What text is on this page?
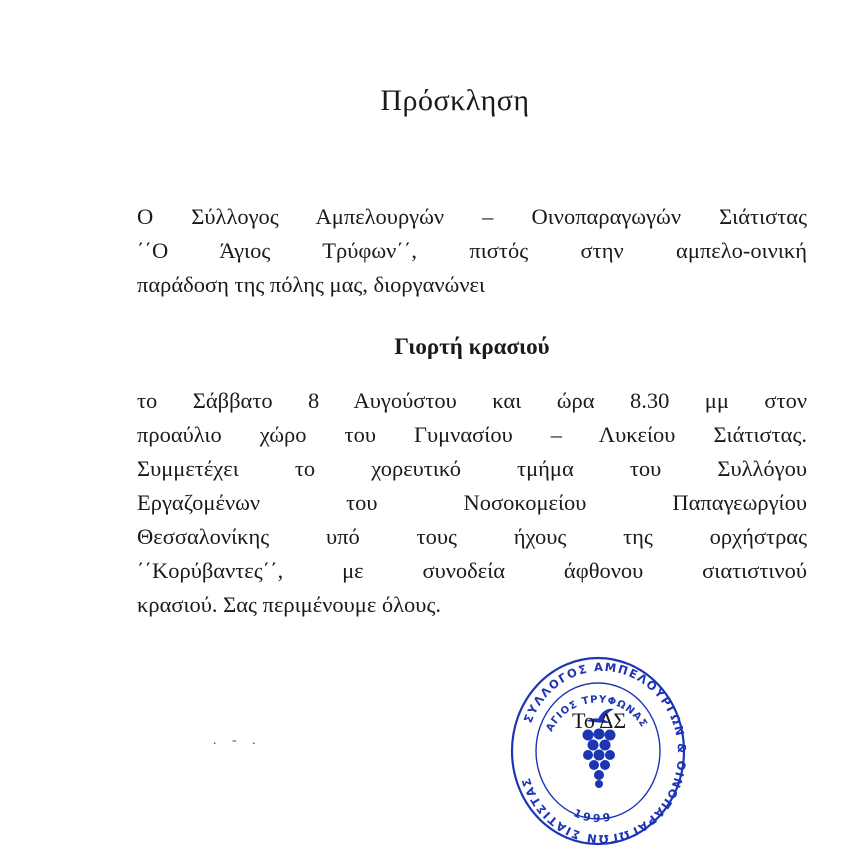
Πρόσκληση
Ο Σύλλογος Αμπελουργών – Οινοπαραγωγών Σιάτιστας
΄΄Ο Άγιος Τρύφων΄΄, πιστός στην αμπελο-οινική
παράδοση της πόλης μας, διοργανώνει
Γιορτή κρασιού
το Σάββατο 8 Αυγούστου και ώρα 8.30 μμ στον
προαύλιο χώρο του Γυμνασίου – Λυκείου Σιάτιστας.
Συμμετέχει το χορευτικό τμήμα του Συλλόγου
Εργαζομένων του Νοσοκομείου Παπαγεωργίου
Θεσσαλονίκης υπό τους ήχους της ορχήστρας
΄΄Κορύβαντες΄΄, με συνοδεία άφθονου σιατιστινού
κρασιού. Σας περιμένουμε όλους.
. - .
ΣΥΛΛΟΓΟΣ ΑΜΠΕΛΟΥΡΓΩΝ ΙΝΟΠΑΡΑΓΩΓΩΝ ΣΙΑΤΙΣΤΑΣ
ΑΓΙΟΣ ΤΡΥΦΩΝΑΣ
1999
Το ΔΣ
